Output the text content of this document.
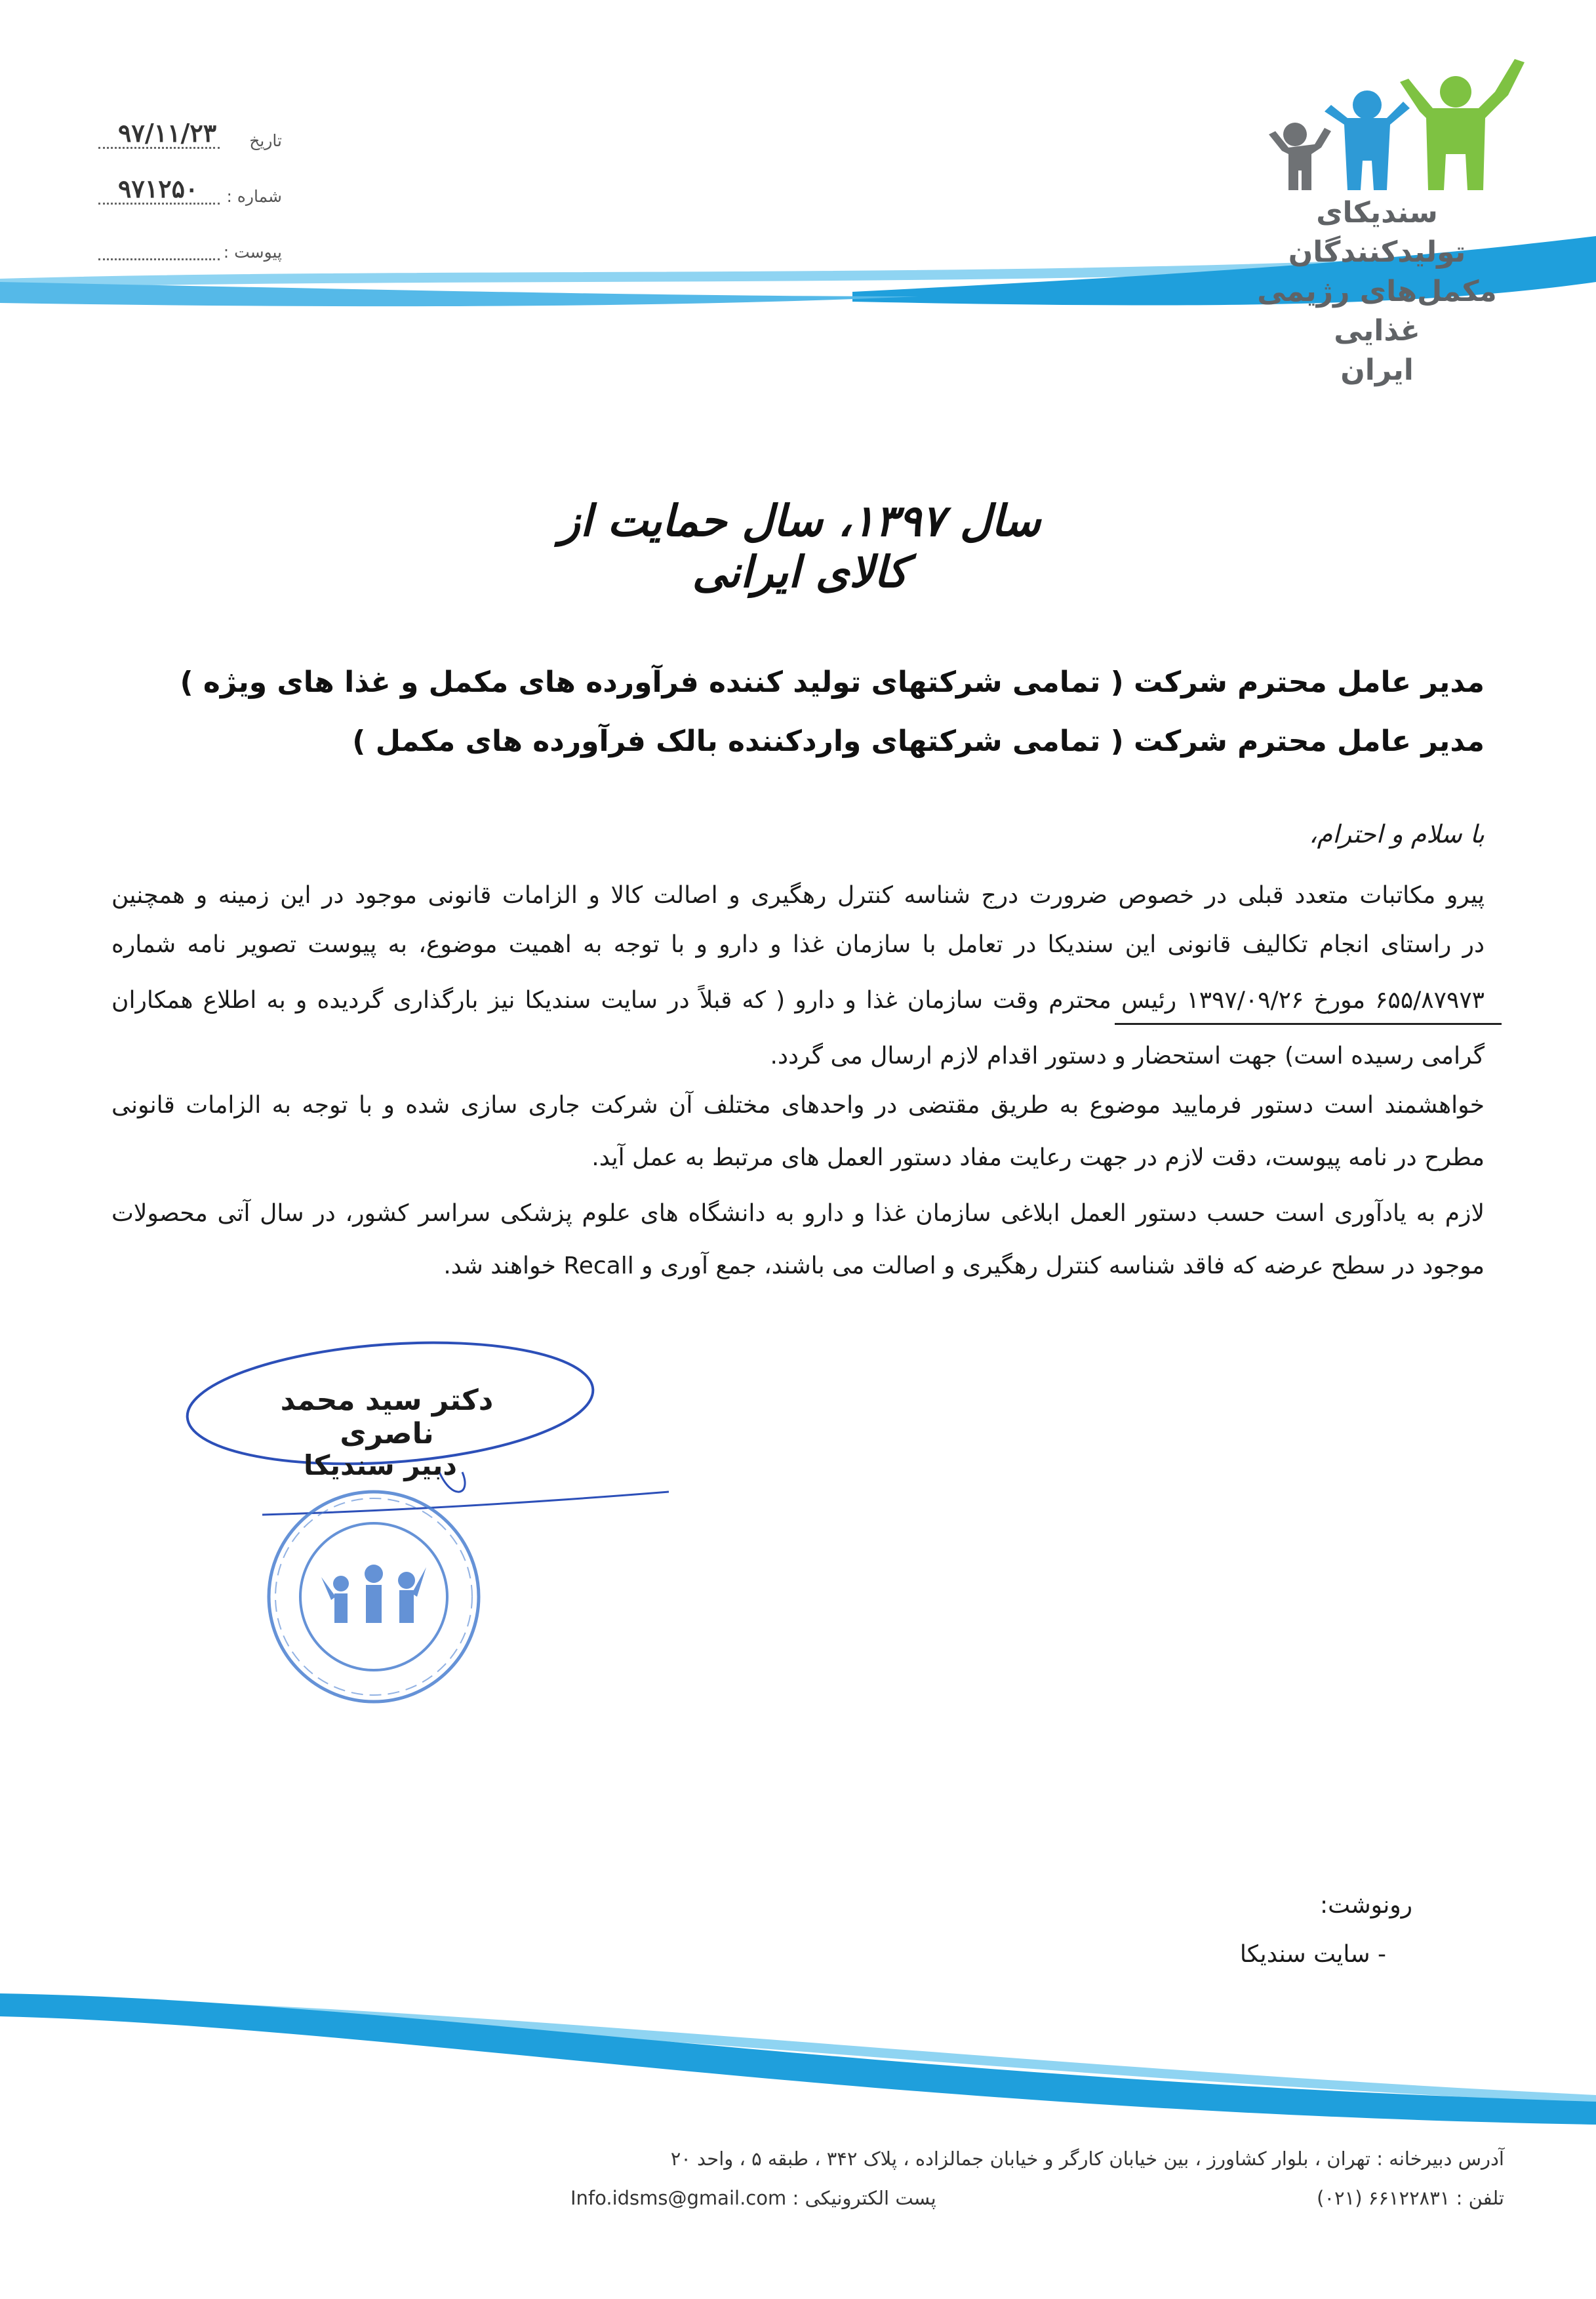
تاریخ
۹۷/۱۱/۲۳
شماره :
۹۷۱۲۵۰
پیوست :
سندیکای تولیدکنندگان
مکمل‌های رژیمی غذایی
ایران
سال ۱۳۹۷، سال حمایت از کالای ایرانی
مدیر عامل محترم شرکت ( تمامی شرکتهای تولید کننده فرآورده های مکمل و غذا های ویژه )
مدیر عامل محترم شرکت ( تمامی شرکتهای واردکننده بالک فرآورده های مکمل )
با سلام و احترام،
پیرو مکاتبات متعدد قبلی در خصوص ضرورت درج شناسه کنترل رهگیری و اصالت کالا و الزامات قانونی موجود در این زمینه و همچنین
در راستای انجام تکالیف قانونی این سندیکا در تعامل با سازمان غذا و دارو و با توجه به اهمیت موضوع، به پیوست تصویر نامه شماره
۶۵۵/۸۷۹۷۳ مورخ ۱۳۹۷/۰۹/۲۶ رئیس محترم وقت سازمان غذا و دارو ( که قبلاً در سایت سندیکا نیز بارگذاری گردیده و به اطلاع همکاران
گرامی رسیده است) جهت استحضار و دستور اقدام لازم ارسال می گردد.
خواهشمند است دستور فرمایید موضوع به طریق مقتضی در واحدهای مختلف آن شرکت جاری سازی شده و با توجه به الزامات قانونی
مطرح در نامه پیوست، دقت لازم در جهت رعایت مفاد دستور العمل های مرتبط به عمل آید.
لازم به یادآوری است حسب دستور العمل ابلاغی سازمان غذا و دارو به دانشگاه های علوم پزشکی سراسر کشور، در سال آتی محصولات
موجود در سطح عرضه که فاقد شناسه کنترل رهگیری و اصالت می باشند، جمع آوری و Recall خواهند شد.
دکتر سید محمد ناصری
دبیر سندیکا
رونوشت:
- سایت سندیکا
آدرس دبیرخانه : تهران ، بلوار کشاورز ، بین خیابان کارگر و خیابان جمالزاده ، پلاک ۳۴۲ ، طبقه ۵ ، واحد ۲۰
پست الکترونیکی : Info.idsms@gmail.com	تلفن : ۶۶۱۲۲۸۳۱ (۰۲۱)
